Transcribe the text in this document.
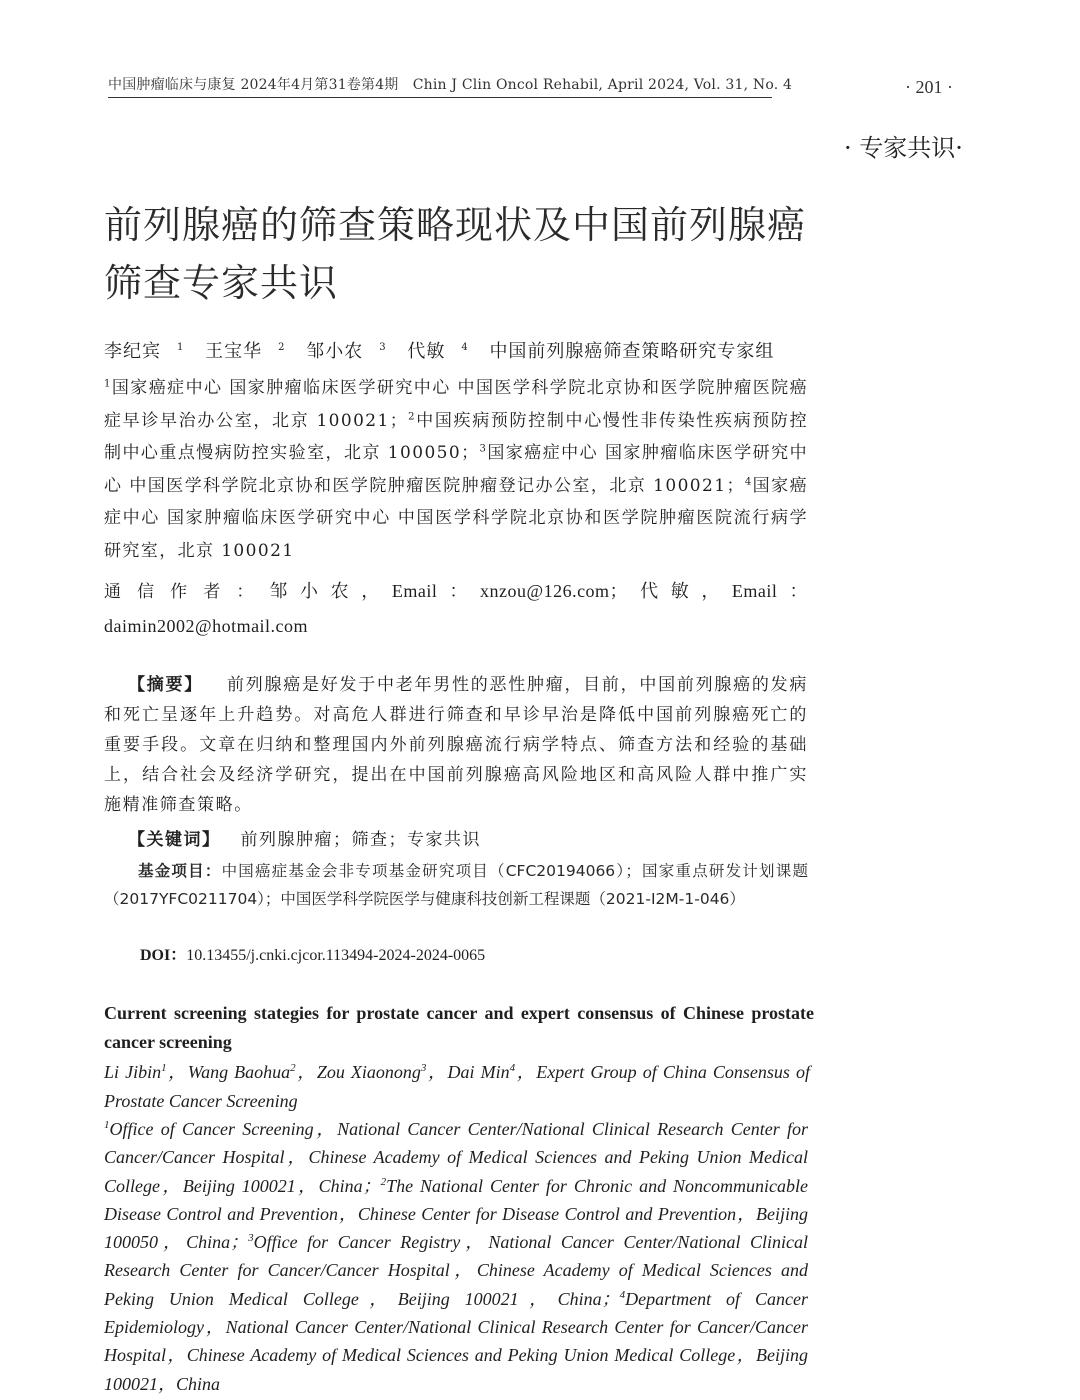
中国肿瘤临床与康复 2024年4月第31卷第4期　Chin J Clin Oncol Rehabil, April 2024, Vol. 31, No. 4	· 201 ·
· 专家共识·
前列腺癌的筛查策略现状及中国前列腺癌
筛查专家共识
李纪宾 $^1$ 王宝华 $^2$ 邹小农 $^3$ 代敏 $^4$ 中国前列腺癌筛查策略研究专家组
$^1$国家癌症中心 国家肿瘤临床医学研究中心 中国医学科学院北京协和医学院肿瘤医院癌症早诊早治办公室，北京 100021；$^2$中国疾病预防控制中心慢性非传染性疾病预防控制中心重点慢病防控实验室，北京 100050；$^3$国家癌症中心 国家肿瘤临床医学研究中心 中国医学科学院北京协和医学院肿瘤医院肿瘤登记办公室，北京 100021；$^4$国家癌症中心 国家肿瘤临床医学研究中心 中国医学科学院北京协和医学院肿瘤医院流行病学研究室，北京 100021
通信作者：邹小农，Email：xnzou@126.com；代敏，Email：daimin2002@hotmail.com
【摘要】 前列腺癌是好发于中老年男性的恶性肿瘤，目前，中国前列腺癌的发病和死亡呈逐年上升趋势。对高危人群进行筛查和早诊早治是降低中国前列腺癌死亡的重要手段。文章在归纳和整理国内外前列腺癌流行病学特点、筛查方法和经验的基础上，结合社会及经济学研究，提出在中国前列腺癌高风险地区和高风险人群中推广实施精准筛查策略。
【关键词】 前列腺肿瘤；筛查；专家共识
基金项目：中国癌症基金会非专项基金研究项目（CFC20194066）；国家重点研发计划课题（2017YFC0211704）；中国医学科学院医学与健康科技创新工程课题（2021-I2M-1-046）
DOI：10.13455/j.cnki.cjcor.113494-2024-2024-0065
Current screening stategies for prostate cancer and expert consensus of Chinese prostate cancer screening
Li Jibin$^1$，Wang Baohua$^2$，Zou Xiaonong$^3$，Dai Min$^4$，Expert Group of China Consensus of Prostate Cancer Screening
$^1$Office of Cancer Screening，National Cancer Center/National Clinical Research Center for Cancer/Cancer Hospital，Chinese Academy of Medical Sciences and Peking Union Medical College，Beijing 100021，China；$^2$The National Center for Chronic and Noncommunicable Disease Control and Prevention，Chinese Center for Disease Control and Prevention，Beijing 100050，China；$^3$Office for Cancer Registry，National Cancer Center/National Clinical Research Center for Cancer/Cancer Hospital，Chinese Academy of Medical Sciences and Peking Union Medical College，Beijing 100021，China；$^4$Department of Cancer Epidemiology，National Cancer Center/National Clinical Research Center for Cancer/Cancer Hospital，Chinese Academy of Medical Sciences and Peking Union Medical College，Beijing 100021，China
